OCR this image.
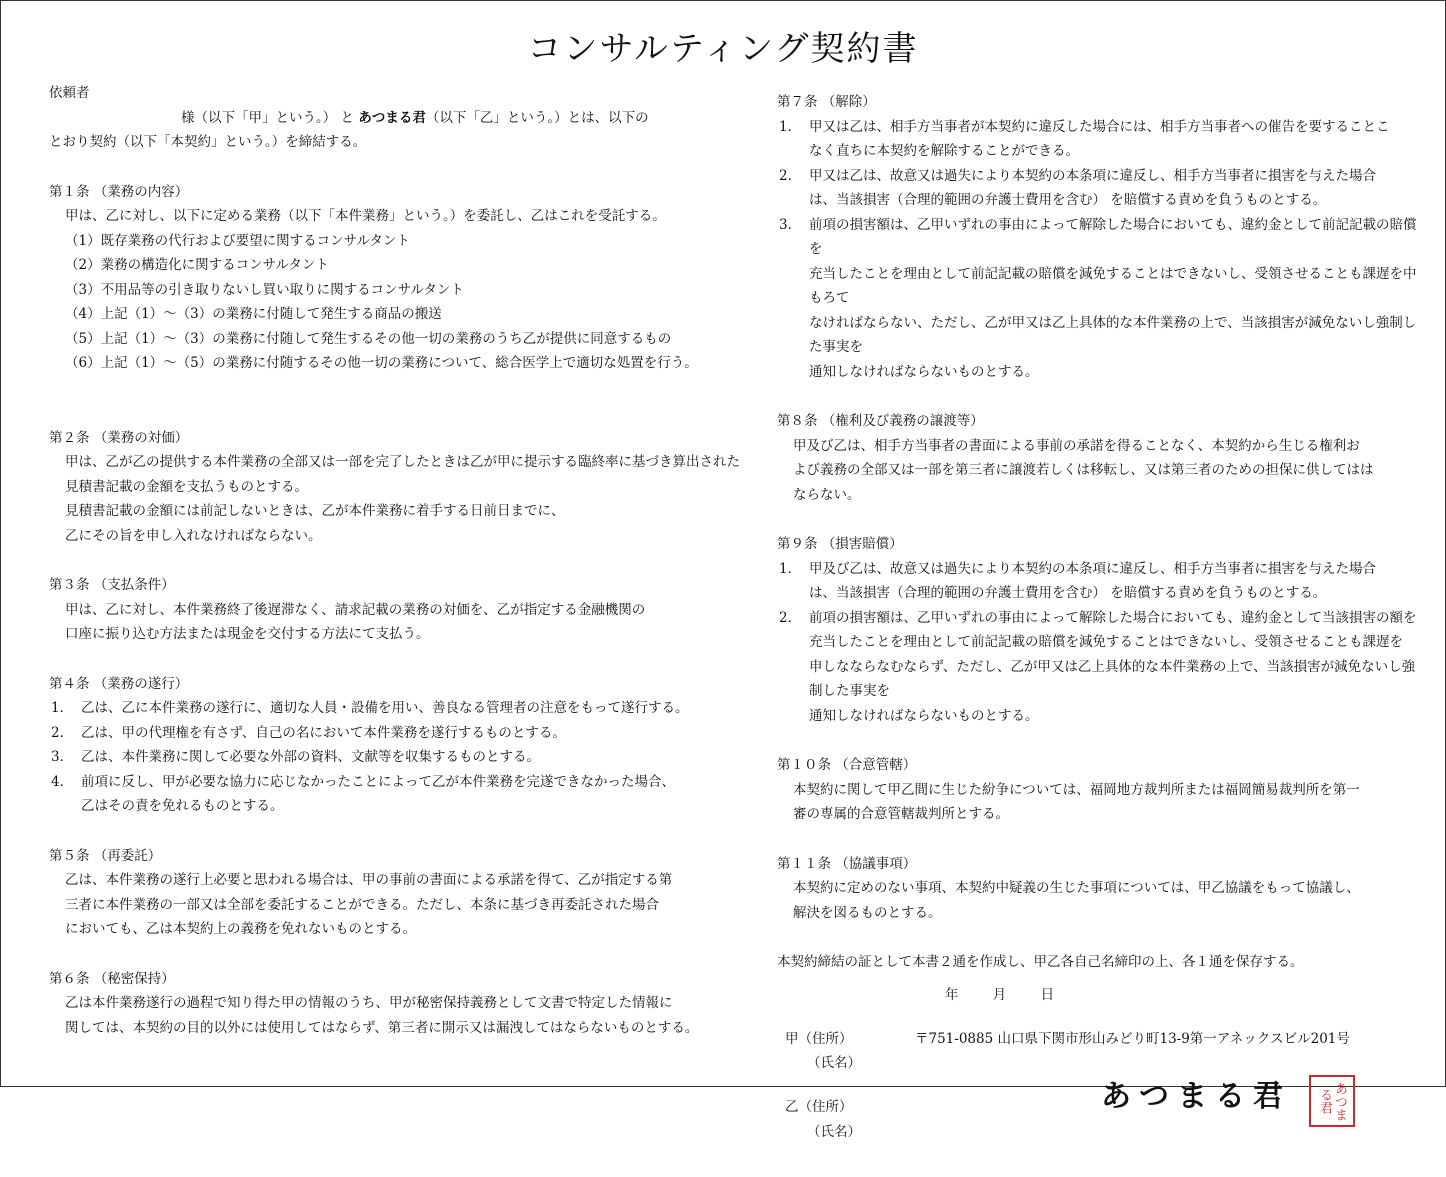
コンサルティング契約書
依頼者
様（以下「甲」という。） と あつまる君（以下「乙」という。）とは、以下の
とおり契約（以下「本契約」という。）を締結する。
第１条 （業務の内容）
甲は、乙に対し、以下に定める業務（以下「本件業務」という。）を委託し、乙はこれを受託する。
（1）既存業務の代行および要望に関するコンサルタント
（2）業務の構造化に関するコンサルタント
（3）不用品等の引き取りないし買い取りに関するコンサルタント
（4）上記（1）～（3）の業務に付随して発生する商品の搬送
（5）上記（1）～（3）の業務に付随して発生するその他一切の業務のうち乙が提供に同意するもの
（6）上記（1）～（5）の業務に付随するその他一切の業務について、総合医学上で適切な処置を行う。
第２条 （業務の対価）
甲は、乙が乙の提供する本件業務の全部又は一部を完了したときは乙が甲に提示する臨終率に基づき算出された
見積書記載の金額を支払うものとする。
見積書記載の金額には前記しないときは、乙が本件業務に着手する日前日までに、
乙にその旨を申し入れなければならない。
第３条 （支払条件）
甲は、乙に対し、本件業務終了後遅滞なく、請求記載の業務の対価を、乙が指定する金融機関の
口座に振り込む方法または現金を交付する方法にて支払う。
第４条 （業務の遂行）
1． 乙は、乙に本件業務の遂行に、適切な人員・設備を用い、善良なる管理者の注意をもって遂行する。
2． 乙は、甲の代理権を有さず、自己の名において本件業務を遂行するものとする。
3． 乙は、本件業務に関して必要な外部の資料、文献等を収集するものとする。
4． 前項に反し、甲が必要な協力に応じなかったことによって乙が本件業務を完遂できなかった場合、
乙はその責を免れるものとする。
第５条 （再委託）
乙は、本件業務の遂行上必要と思われる場合は、甲の事前の書面による承諾を得て、乙が指定する第
三者に本件業務の一部又は全部を委託することができる。ただし、本条に基づき再委託された場合
においても、乙は本契約上の義務を免れないものとする。
第６条 （秘密保持）
乙は本件業務遂行の過程で知り得た甲の情報のうち、甲が秘密保持義務として文書で特定した情報に
関しては、本契約の目的以外には使用してはならず、第三者に開示又は漏洩してはならないものとする。
第７条 （解除）
1． 甲又は乙は、相手方当事者が本契約に違反した場合には、相手方当事者への催告を要することこ
なく直ちに本契約を解除することができる。
2． 甲又は乙は、故意又は過失により本契約の本条項に違反し、相手方当事者に損害を与えた場合
は、当該損害（合理的範囲の弁護士費用を含む） を賠償する責めを負うものとする。
3． 前項の損害額は、乙甲いずれの事由によって解除した場合においても、違約金として前記記載の賠償を
充当したことを理由として前記記載の賠償を減免することはできないし、受領させることも課遅を中もろて
なければならない、ただし、乙が甲又は乙上具体的な本件業務の上で、当該損害が減免ないし強制した事実を
通知しなければならないものとする。
第８条 （権利及び義務の譲渡等）
甲及び乙は、相手方当事者の書面による事前の承諾を得ることなく、本契約から生じる権利お
よび義務の全部又は一部を第三者に譲渡若しくは移転し、又は第三者のための担保に供してはは
ならない。
第９条 （損害賠償）
1． 甲及び乙は、故意又は過失により本契約の本条項に違反し、相手方当事者に損害を与えた場合
は、当該損害（合理的範囲の弁護士費用を含む） を賠償する責めを負うものとする。
2． 前項の損害額は、乙甲いずれの事由によって解除した場合においても、違約金として当該損害の額を
充当したことを理由として前記記載の賠償を減免することはできないし、受領させることも課遅を
申しなならなむならず、ただし、乙が甲又は乙上具体的な本件業務の上で、当該損害が減免ないし強制した事実を
通知しなければならないものとする。
第１０条 （合意管轄）
本契約に関して甲乙間に生じた紛争については、福岡地方裁判所または福岡簡易裁判所を第一
審の専属的合意管轄裁判所とする。
第１１条 （協議事項）
本契約に定めのない事項、本契約中疑義の生じた事項については、甲乙協議をもって協議し、
解決を図るものとする。
本契約締結の証として本書２通を作成し、甲乙各自己名締印の上、各１通を保存する。
年 月 日
甲（住所）	〒751-0885 山口県下関市形山みどり町13-9第一アネックスビル201号
（氏名）
乙（住所）
（氏名）
あつまる君	あつまる君
